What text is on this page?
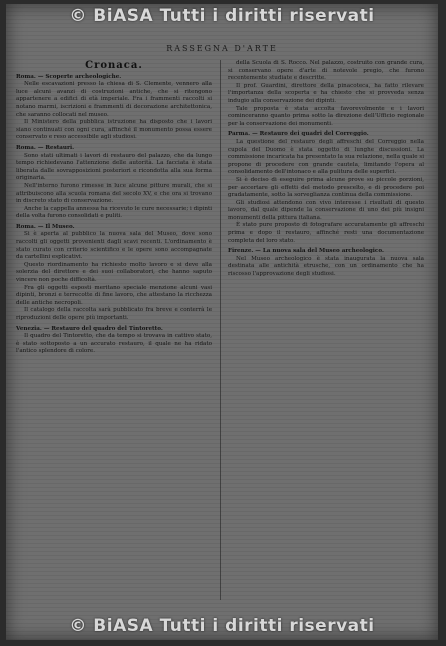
© BiASA Tutti i diritti riservati
RASSEGNA D'ARTE
Cronaca.
Roma. — Scoperte archeologiche.

Nelle escavazioni presso la chiesa di S. Clemente, vennero alla luce alcuni avanzi di costruzioni antiche, che si ritengono appartenere a edifici di età imperiale. Fra i frammenti raccolti si notano marmi, iscrizioni e frammenti di decorazione architettonica, che saranno collocati nel museo.

Il Ministero della pubblica istruzione ha disposto che i lavori siano continuati con ogni cura, affinché il monumento possa essere conservato e reso accessibile agli studiosi.

Roma. — Restauri.

Sono stati ultimati i lavori di restauro del palazzo, che da lungo tempo richiedevano l'attenzione delle autorità. La facciata è stata liberata dalle sovrapposizioni posteriori e ricondotta alla sua forma originaria.

Nell'interno furono rimesse in luce alcune pitture murali, che si attribuiscono alla scuola romana del secolo XV, e che ora si trovano in discreto stato di conservazione.

Anche la cappella annessa ha ricevuto le cure necessarie; i dipinti della volta furono consolidati e puliti.

Roma. — Il Museo.

Si è aperta al pubblico la nuova sala del Museo, dove sono raccolti gli oggetti provenienti dagli scavi recenti. L'ordinamento è stato curato con criterio scientifico e le opere sono accompagnate da cartellini esplicativi.

Questo riordinamento ha richiesto molto lavoro e si deve alla solerzia del direttore e dei suoi collaboratori, che hanno saputo vincere non poche difficoltà.

Fra gli oggetti esposti meritano speciale menzione alcuni vasi dipinti, bronzi e terrecotte di fine lavoro, che attestano la ricchezza delle antiche necropoli.

Il catalogo della raccolta sarà pubblicato fra breve e conterrà le riproduzioni delle opere più importanti.

Venezia. — Restauro del quadro del Tintoretto.

Il quadro del Tintoretto, che da tempo si trovava in cattivo stato, è stato sottoposto a un accurato restauro, il quale ne ha ridato l'antico splendore di colore.

della Scuola di S. Rocco. Nel palazzo, costruito con grande cura, si conservano opere d'arte di notevole pregio, che furono recentemente studiate e descritte.

Il prof. Guardini, direttore della pinacoteca, ha fatto rilevare l'importanza della scoperta e ha chiesto che si provveda senza indugio alla conservazione dei dipinti.

Tale proposta è stata accolta favorevolmente e i lavori cominceranno quanto prima sotto la direzione dell'Ufficio regionale per la conservazione dei monumenti.

Parma. — Restauro dei quadri del Correggio.

La questione del restauro degli affreschi del Correggio nella cupola del Duomo è stata oggetto di lunghe discussioni. La commissione incaricata ha presentato la sua relazione, nella quale si propone di procedere con grande cautela, limitando l'opera al consolidamento dell'intonaco e alla pulitura delle superfici.

Si è deciso di eseguire prima alcune prove su piccole porzioni, per accertare gli effetti del metodo prescelto, e di procedere poi gradatamente, sotto la sorveglianza continua della commissione.

Gli studiosi attendono con vivo interesse i risultati di questo lavoro, dal quale dipende la conservazione di uno dei più insigni monumenti della pittura italiana.

È stato pure proposto di fotografare accuratamente gli affreschi prima e dopo il restauro, affinché resti una documentazione completa del loro stato.

Firenze. — La nuova sala del Museo archeologico.

Nel Museo archeologico è stata inaugurata la nuova sala destinata alle antichità etrusche, con un ordinamento che ha riscosso l'approvazione degli studiosi.

© BiASA Tutti i diritti riservati
